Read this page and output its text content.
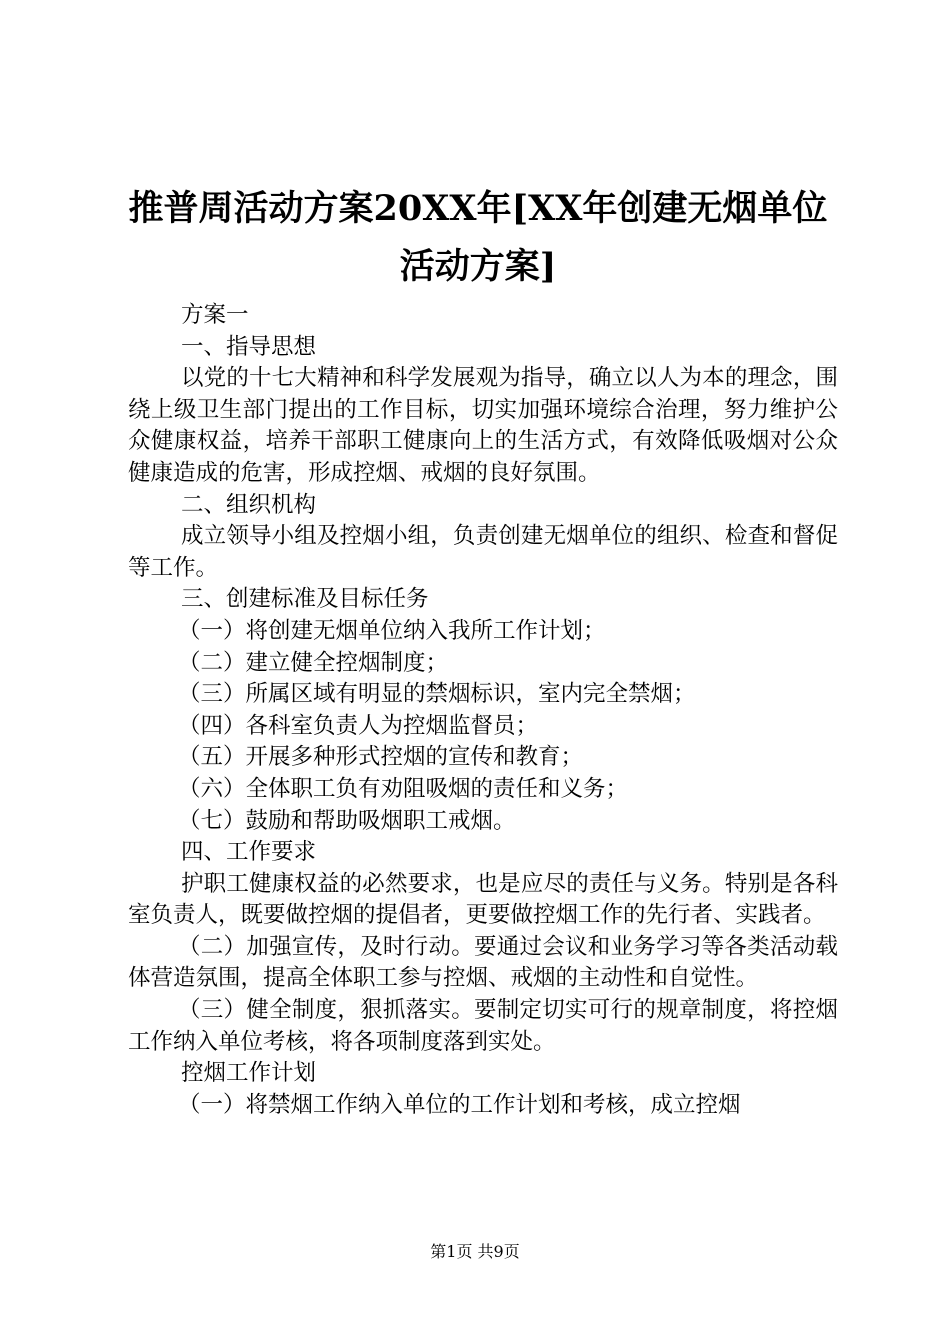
推普周活动方案20XX年[XX年创建无烟单位活动方案]

方案一

一、指导思想

以党的十七大精神和科学发展观为指导，确立以人为本的理念，围绕上级卫生部门提出的工作目标，切实加强环境综合治理，努力维护公众健康权益，培养干部职工健康向上的生活方式，有效降低吸烟对公众健康造成的危害，形成控烟、戒烟的良好氛围。

二、组织机构

成立领导小组及控烟小组，负责创建无烟单位的组织、检查和督促等工作。

三、创建标准及目标任务

（一）将创建无烟单位纳入我所工作计划；

（二）建立健全控烟制度；

（三）所属区域有明显的禁烟标识，室内完全禁烟；

（四）各科室负责人为控烟监督员；

（五）开展多种形式控烟的宣传和教育；

（六）全体职工负有劝阻吸烟的责任和义务；

（七）鼓励和帮助吸烟职工戒烟。

四、工作要求

护职工健康权益的必然要求，也是应尽的责任与义务。特别是各科室负责人，既要做控烟的提倡者，更要做控烟工作的先行者、实践者。

（二）加强宣传，及时行动。要通过会议和业务学习等各类活动载体营造氛围，提高全体职工参与控烟、戒烟的主动性和自觉性。

（三）健全制度，狠抓落实。要制定切实可行的规章制度，将控烟工作纳入单位考核，将各项制度落到实处。

控烟工作计划

（一）将禁烟工作纳入单位的工作计划和考核，成立控烟

第1页 共9页
